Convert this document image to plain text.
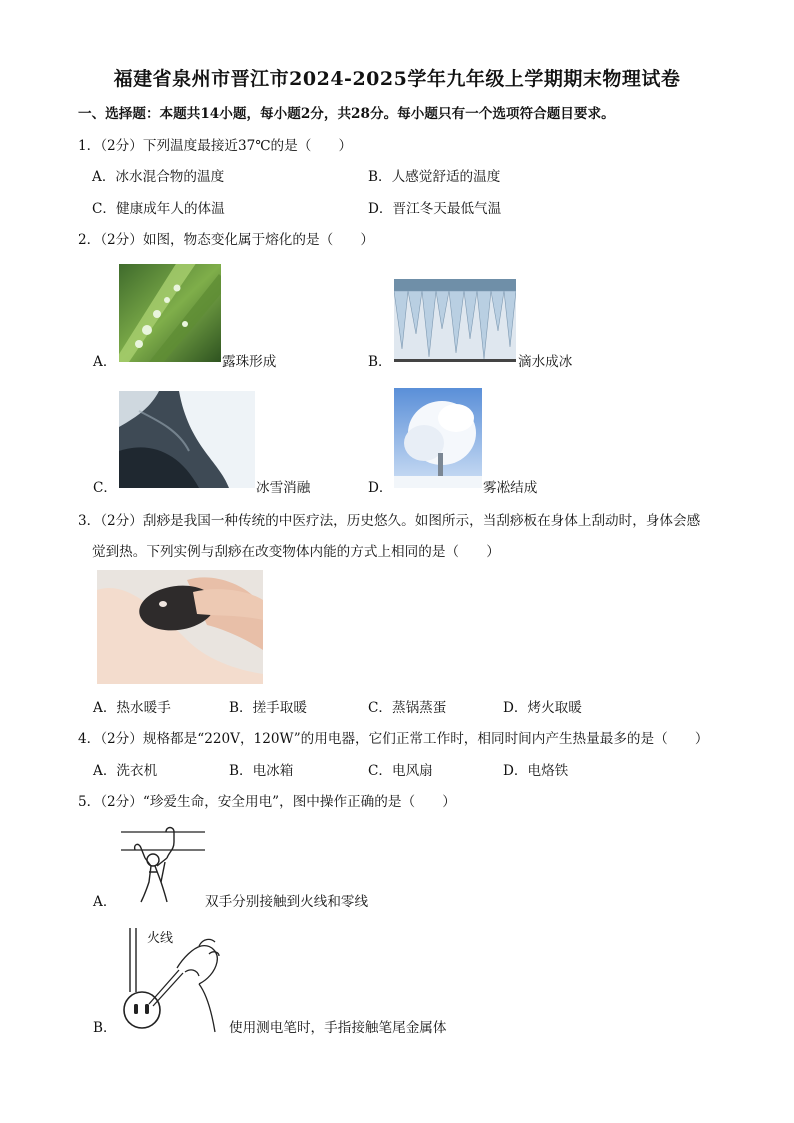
福建省泉州市晋江市2024-2025学年九年级上学期期末物理试卷
一、选择题：本题共14小题，每小题2分，共28分。每小题只有一个选项符合题目要求。
1．（2分）下列温度最接近37℃的是（　　）
A．冰水混合物的温度	B．人感觉舒适的温度
C．健康成年人的体温	D．晋江冬天最低气温
2．（2分）如图，物态变化属于熔化的是（　　）
A．	露珠形成	B．	滴水成冰
C．	冰雪消融	D．	雾凇结成
3．（2分）刮痧是我国一种传统的中医疗法，历史悠久。如图所示，当刮痧板在身体上刮动时，身体会感
觉到热。下列实例与刮痧在改变物体内能的方式上相同的是（　　）
A．热水暖手	B．搓手取暖	C．蒸锅蒸蛋	D．烤火取暖
4．（2分）规格都是“220V，120W”的用电器，它们正常工作时，相同时间内产生热量最多的是（　　）
A．洗衣机	B．电冰箱	C．电风扇	D．电烙铁
5．（2分）“珍爱生命，安全用电”，图中操作正确的是（　　）
A．	双手分别接触到火线和零线
火线
B．	使用测电笔时，手指接触笔尾金属体
